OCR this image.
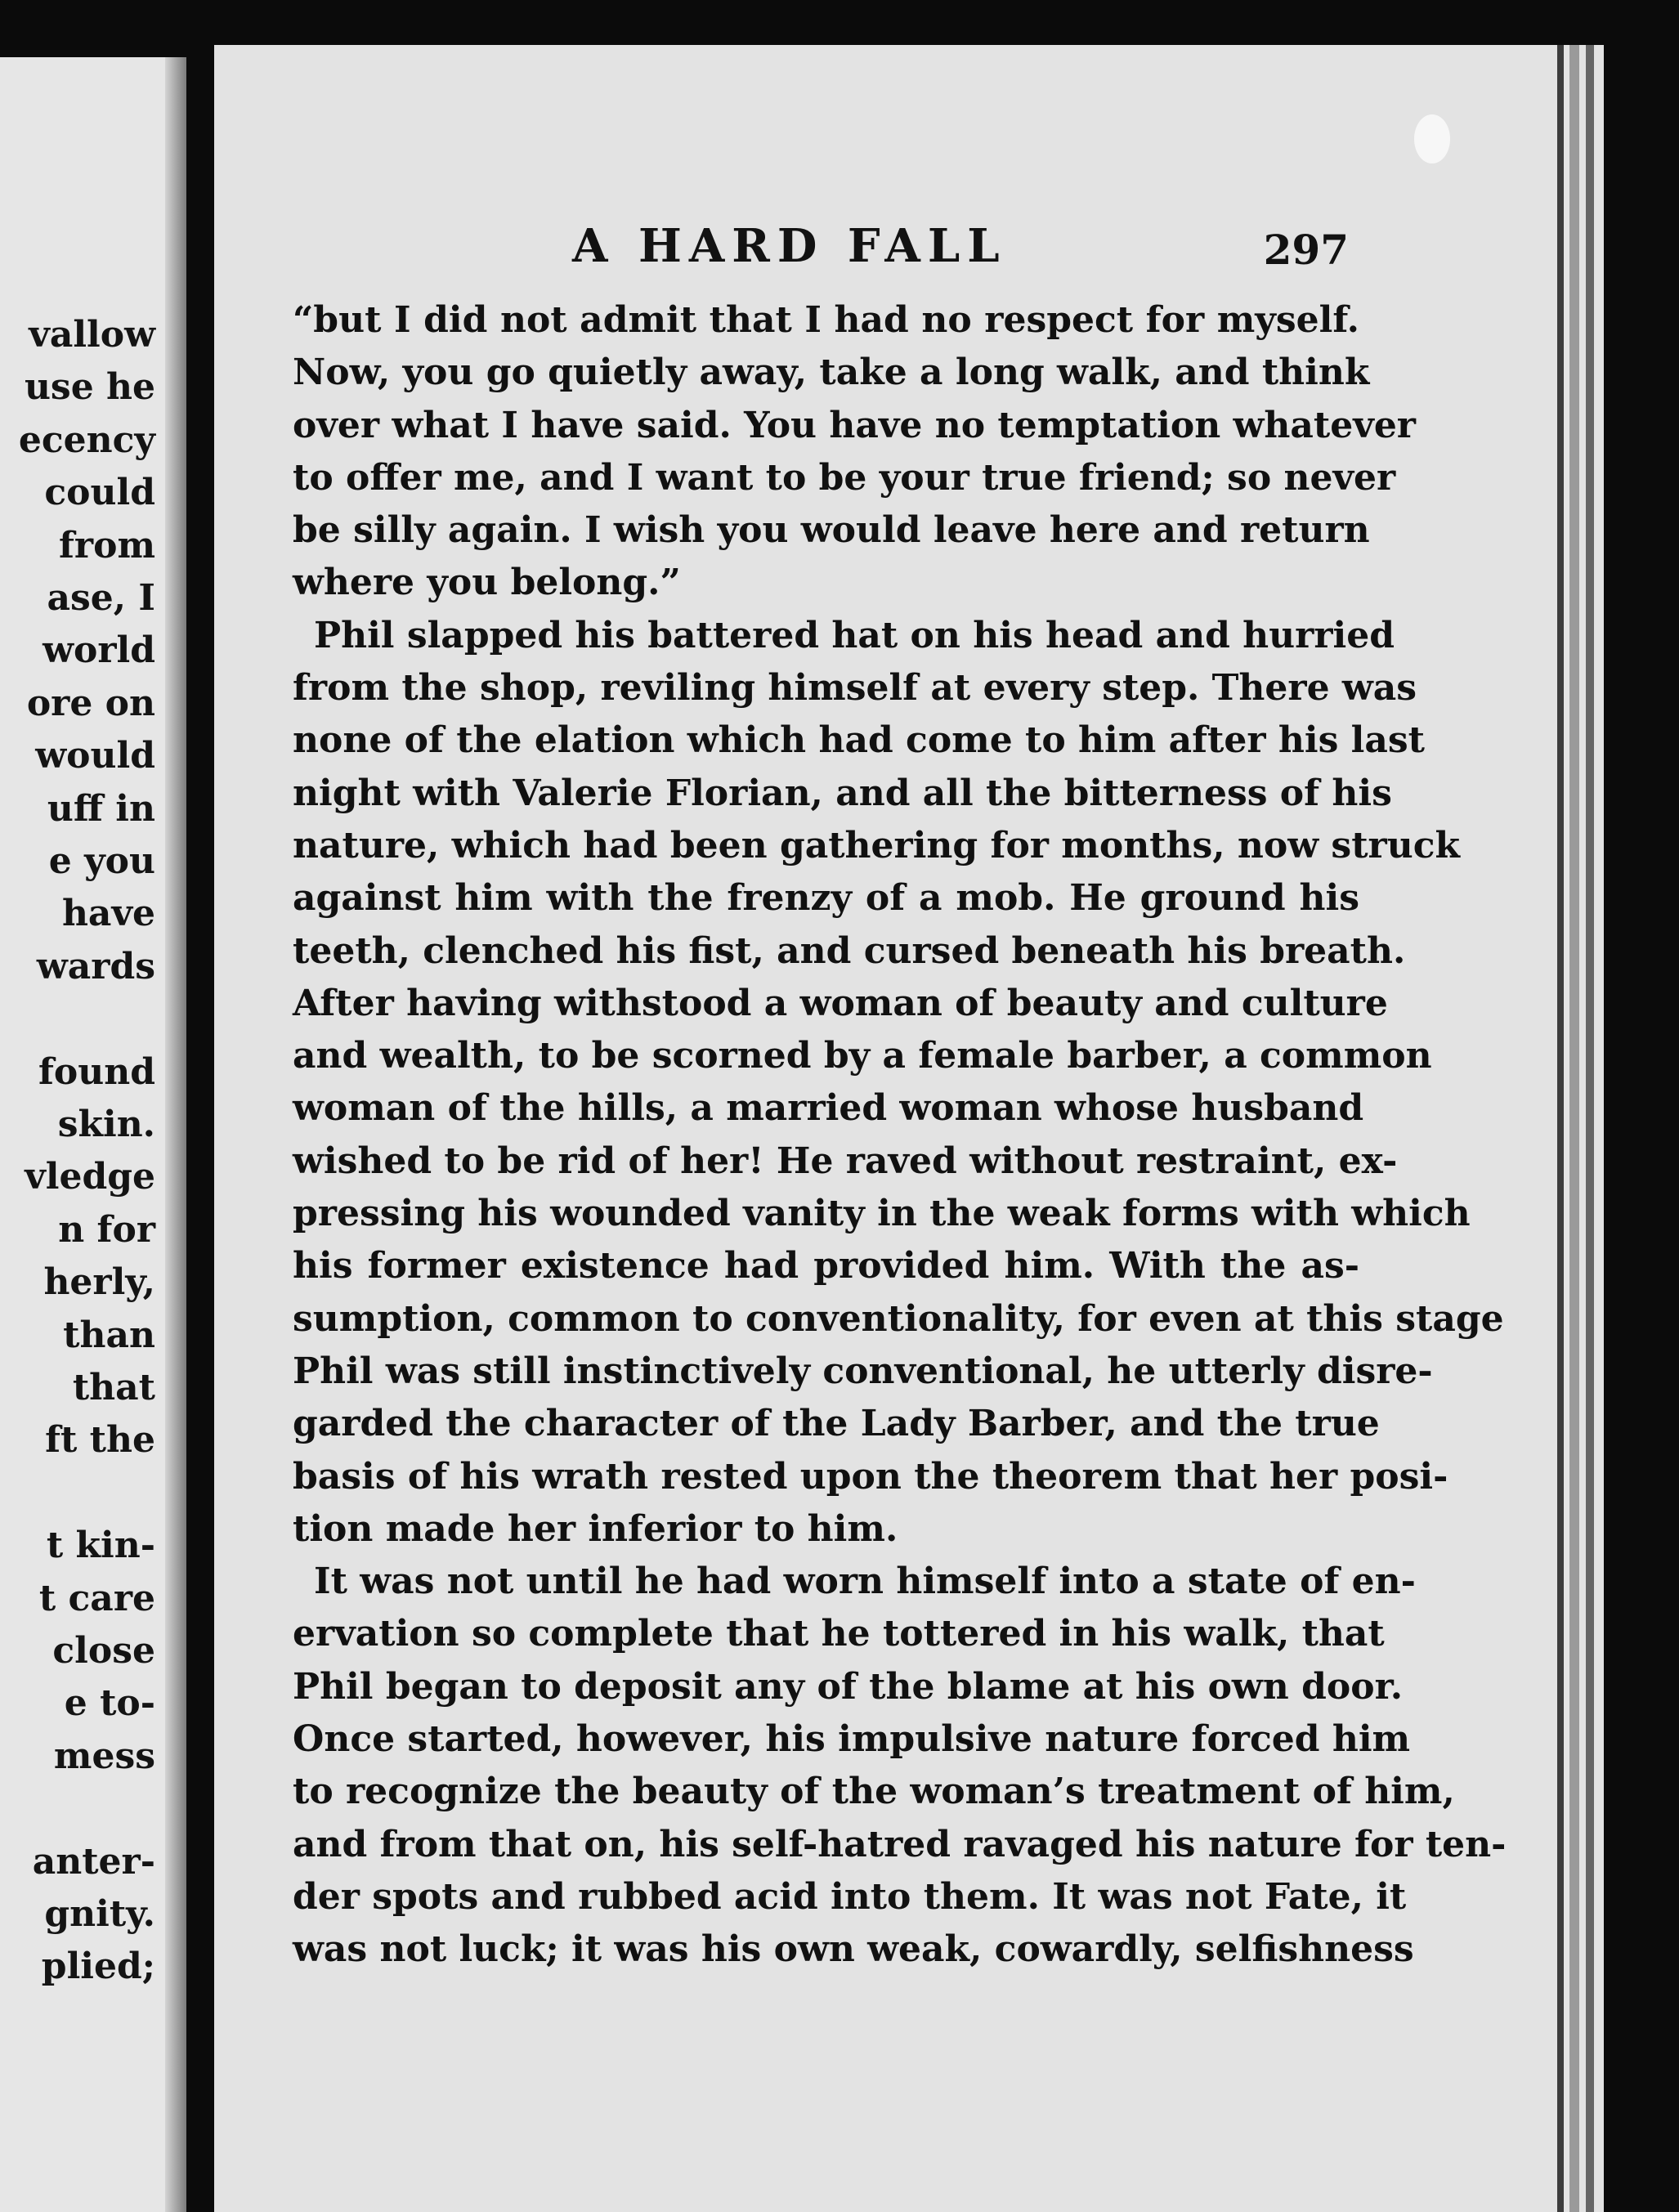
vallow
use he
ecency
could
from
ase, I
world
ore on
would
uff in
e you
have
wards
found
skin.
vledge
n for
herly,
than
that
ft the
t kin-
t care
close
e to-
mess
anter-
gnity.
plied;
A HARD FALL	297
“but I did not admit that I had no respect for myself.
Now, you go quietly away, take a long walk, and think
over what I have said. You have no temptation whatever
to offer me, and I want to be your true friend; so never
be silly again. I wish you would leave here and return
where you belong.”
Phil slapped his battered hat on his head and hurried
from the shop, reviling himself at every step. There was
none of the elation which had come to him after his last
night with Valerie Florian, and all the bitterness of his
nature, which had been gathering for months, now struck
against him with the frenzy of a mob. He ground his
teeth, clenched his fist, and cursed beneath his breath.
After having withstood a woman of beauty and culture
and wealth, to be scorned by a female barber, a common
woman of the hills, a married woman whose husband
wished to be rid of her! He raved without restraint, ex-
pressing his wounded vanity in the weak forms with which
his former existence had provided him. With the as-
sumption, common to conventionality, for even at this stage
Phil was still instinctively conventional, he utterly disre-
garded the character of the Lady Barber, and the true
basis of his wrath rested upon the theorem that her posi-
tion made her inferior to him.
It was not until he had worn himself into a state of en-
ervation so complete that he tottered in his walk, that
Phil began to deposit any of the blame at his own door.
Once started, however, his impulsive nature forced him
to recognize the beauty of the woman’s treatment of him,
and from that on, his self-hatred ravaged his nature for ten-
der spots and rubbed acid into them. It was not Fate, it
was not luck; it was his own weak, cowardly, selfishness
